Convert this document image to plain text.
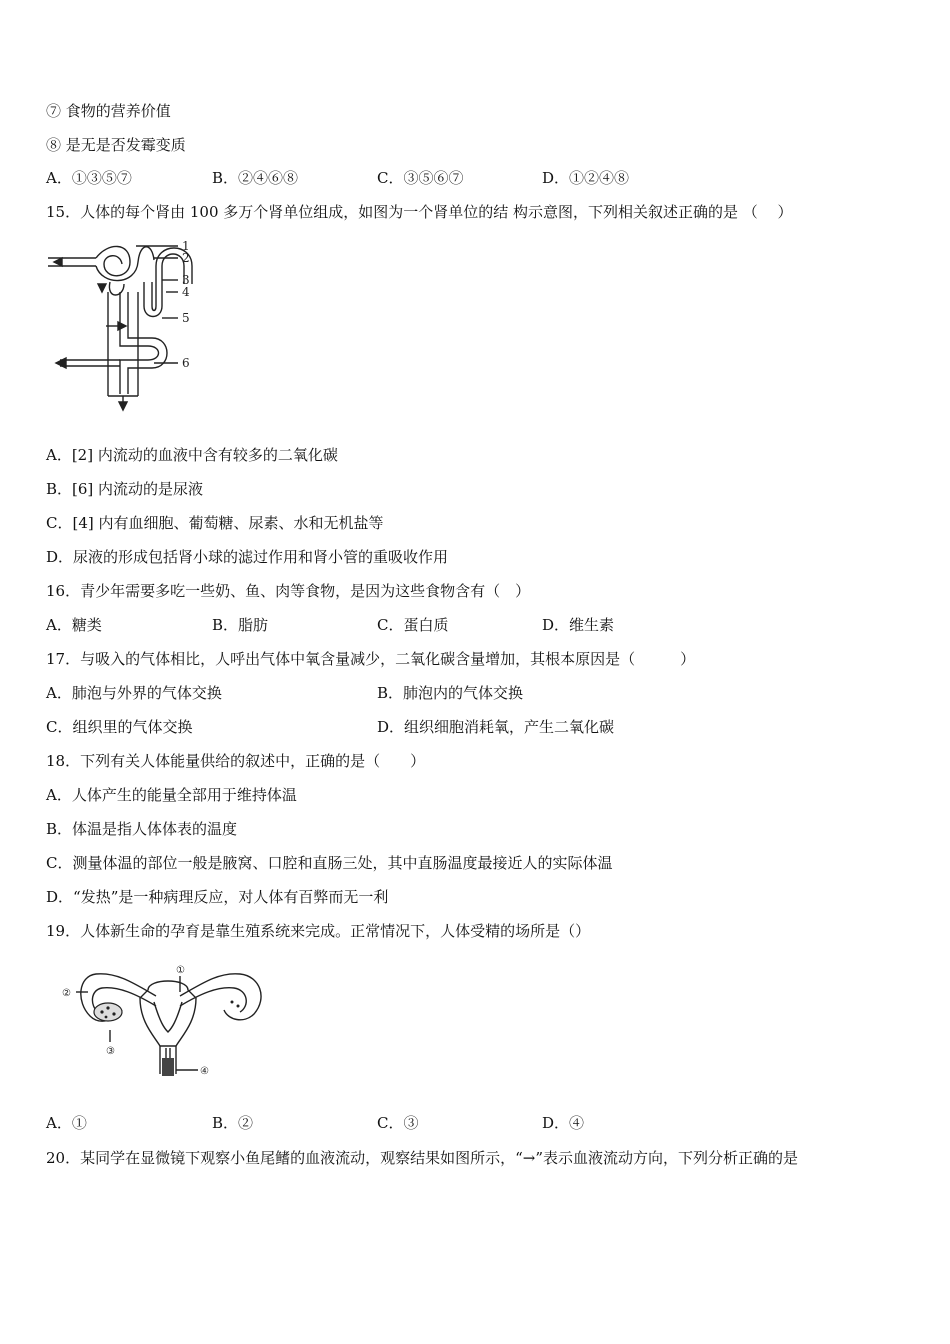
⑦ 食物的营养价值
⑧ 是无是否发霉变质
A．①③⑤⑦	B．②④⑥⑧	C．③⑤⑥⑦	D．①②④⑧
15．人体的每个肾由 100 多万个肾单位组成，如图为一个肾单位的结 构示意图，下列相关叙述正确的是 （　 ）
1
2
3
4
5
6
A．[2] 内流动的血液中含有较多的二氧化碳
B．[6] 内流动的是尿液
C．[4] 内有血细胞、葡萄糖、尿素、水和无机盐等
D．尿液的形成包括肾小球的滤过作用和肾小管的重吸收作用
16．青少年需要多吃一些奶、鱼、肉等食物，是因为这些食物含有（　）
A．糖类	B．脂肪	C．蛋白质	D．维生素
17．与吸入的气体相比，人呼出气体中氧含量减少，二氧化碳含量增加，其根本原因是（　　　）
A．肺泡与外界的气体交换	B．肺泡内的气体交换
C．组织里的气体交换	D．组织细胞消耗氧，产生二氧化碳
18．下列有关人体能量供给的叙述中，正确的是（　　）
A．人体产生的能量全部用于维持体温
B．体温是指人体体表的温度
C．测量体温的部位一般是腋窝、口腔和直肠三处，其中直肠温度最接近人的实际体温
D．“发热”是一种病理反应，对人体有百弊而无一利
19．人体新生命的孕育是靠生殖系统来完成。正常情况下，人体受精的场所是（）
①
②
③
④
A．①	B．②	C．③	D．④
20．某同学在显微镜下观察小鱼尾鳍的血液流动，观察结果如图所示，“→”表示血液流动方向，下列分析正确的是
